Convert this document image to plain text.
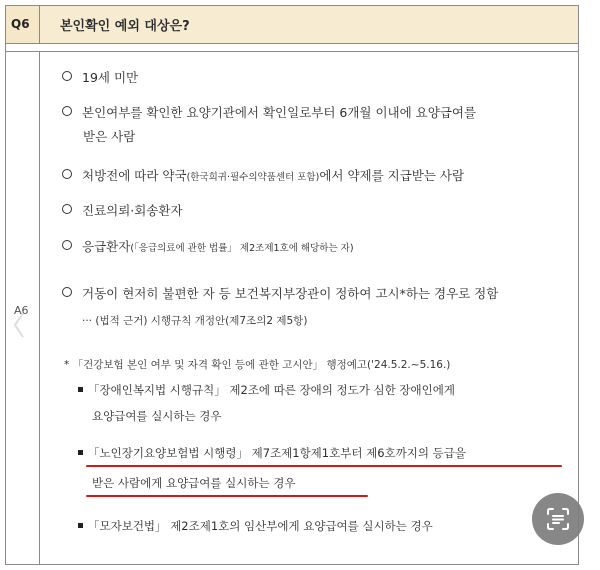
Q6 본인확인 예외 대상은?
A6
19세 미만
본인여부를 확인한 요양기관에서 확인일로부터 6개월 이내에 요양급여를
받은 사람
처방전에 따라 약국(한국희귀·필수의약품센터 포함)에서 약제를 지급받는 사람
진료의뢰·회송환자
응급환자(「응급의료에 관한 법률」 제2조제1호에 해당하는 자)
거동이 현저히 불편한 자 등 보건복지부장관이 정하여 고시*하는 경우로 정함
··· (법적 근거) 시행규칙 개정안(제7조의2 제5항)
* 「건강보험 본인 여부 및 자격 확인 등에 관한 고시안」 행정예고('24.5.2.~5.16.)
「장애인복지법 시행규칙」 제2조에 따른 장애의 정도가 심한 장애인에게
요양급여를 실시하는 경우
「노인장기요양보험법 시행령」 제7조제1항제1호부터 제6호까지의 등급을
받은 사람에게 요양급여를 실시하는 경우
「모자보건법」 제2조제1호의 임산부에게 요양급여를 실시하는 경우
